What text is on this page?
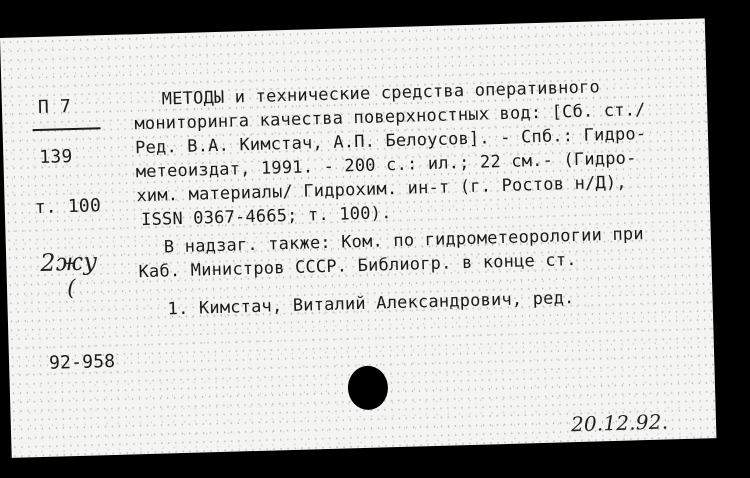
П 7
139
т. 100
2жу
(
92-958
МЕТОДЫ и технические средства оперативного
мониторинга качества поверхностных вод: [Сб. ст./
Ред. В.А. Кимстач, А.П. Белоусов]. - Спб.: Гидро-
метеоиздат, 1991. - 200 с.: ил.; 22 см.- (Гидро-
хим. материалы/ Гидрохим. ин-т (г. Ростов н/Д),
ISSN 0367-4665; т. 100).
В надзаг. также: Ком. по гидрометеорологии при
Каб. Министров СССР. Библиогр. в конце ст.
1. Кимстач, Виталий Александрович, ред.
20.12.92.
